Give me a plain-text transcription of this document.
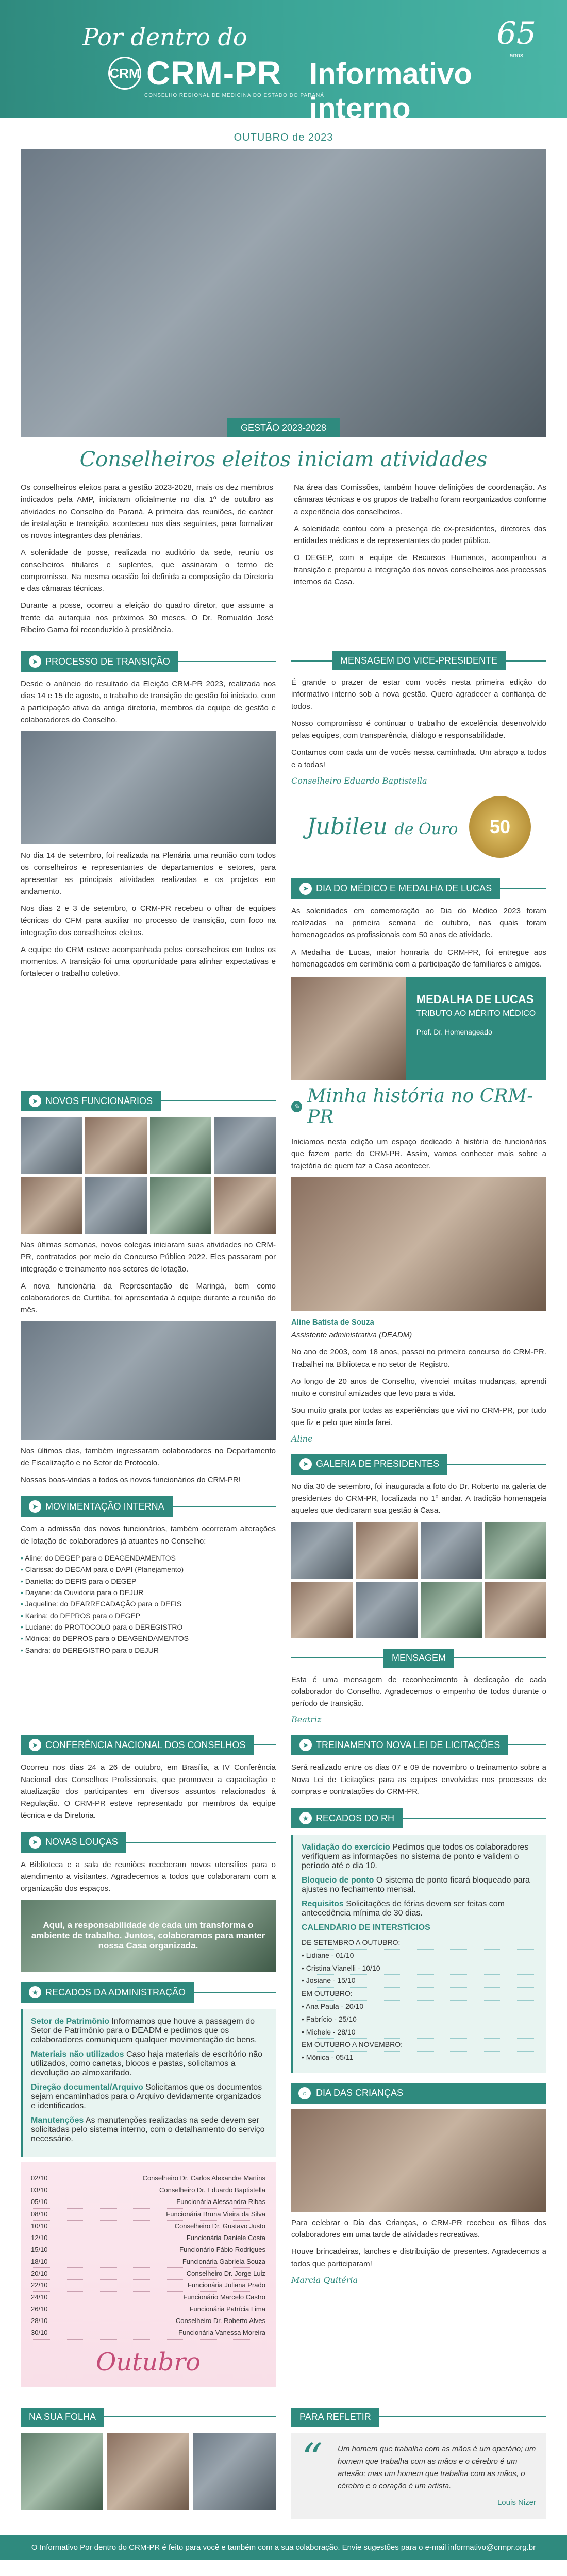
Por dentro do
CRM CRM-PR
CONSELHO REGIONAL DE MEDICINA DO ESTADO DO PARANÁ
Informativo interno
65
anos
OUTUBRO de 2023
GESTÃO 2023-2028
Conselheiros eleitos iniciam atividades

Os conselheiros eleitos para a gestão 2023-2028, mais os dez membros indicados pela AMP, iniciaram oficialmente no dia 1º de outubro as atividades no Conselho do Paraná. A primeira das reuniões, de caráter de instalação e transição, aconteceu nos dias seguintes, para formalizar os novos integrantes das plenárias.

A solenidade de posse, realizada no auditório da sede, reuniu os conselheiros titulares e suplentes, que assinaram o termo de compromisso. Na mesma ocasião foi definida a composição da Diretoria e das câmaras técnicas.

Durante a posse, ocorreu a eleição do quadro diretor, que assume a frente da autarquia nos próximos 30 meses. O Dr. Romualdo José Ribeiro Gama foi reconduzido à presidência.

Na área das Comissões, também houve definições de coordenação. As câmaras técnicas e os grupos de trabalho foram reorganizados conforme a experiência dos conselheiros.

A solenidade contou com a presença de ex-presidentes, diretores das entidades médicas e de representantes do poder público.

O DEGEP, com a equipe de Recursos Humanos, acompanhou a transição e preparou a integração dos novos conselheiros aos processos internos da Casa.

➤ PROCESSO DE TRANSIÇÃO

Desde o anúncio do resultado da Eleição CRM-PR 2023, realizada nos dias 14 e 15 de agosto, o trabalho de transição de gestão foi iniciado, com a participação ativa da antiga diretoria, membros da equipe de gestão e colaboradores do Conselho.

No dia 14 de setembro, foi realizada na Plenária uma reunião com todos os conselheiros e representantes de departamentos e setores, para apresentar as principais atividades realizadas e os projetos em andamento.

Nos dias 2 e 3 de setembro, o CRM-PR recebeu o olhar de equipes técnicas do CFM para auxiliar no processo de transição, com foco na integração dos conselheiros eleitos.

A equipe do CRM esteve acompanhada pelos conselheiros em todos os momentos. A transição foi uma oportunidade para alinhar expectativas e fortalecer o trabalho coletivo.

MENSAGEM DO VICE-PRESIDENTE

É grande o prazer de estar com vocês nesta primeira edição do informativo interno sob a nova gestão. Quero agradecer a confiança de todos.

Nosso compromisso é continuar o trabalho de excelência desenvolvido pelas equipes, com transparência, diálogo e responsabilidade.

Contamos com cada um de vocês nessa caminhada. Um abraço a todos e a todas!

Conselheiro Eduardo Baptistella

Jubileu de Ouro	50
➤ DIA DO MÉDICO E MEDALHA DE LUCAS

As solenidades em comemoração ao Dia do Médico 2023 foram realizadas na primeira semana de outubro, nas quais foram homenageados os profissionais com 50 anos de atividade.

A Medalha de Lucas, maior honraria do CRM-PR, foi entregue aos homenageados em cerimônia com a participação de familiares e amigos.

MEDALHA DE LUCAS
TRIBUTO AO MÉRITO MÉDICO
Prof. Dr. Homenageado
➤ NOVOS FUNCIONÁRIOS

Nas últimas semanas, novos colegas iniciaram suas atividades no CRM-PR, contratados por meio do Concurso Público 2022. Eles passaram por integração e treinamento nos setores de lotação.

A nova funcionária da Representação de Maringá, bem como colaboradores de Curitiba, foi apresentada à equipe durante a reunião do mês.

Nos últimos dias, também ingressaram colaboradores no Departamento de Fiscalização e no Setor de Protocolo.

Nossas boas-vindas a todos os novos funcionários do CRM-PR!

➤ MOVIMENTAÇÃO INTERNA

Com a admissão dos novos funcionários, também ocorreram alterações de lotação de colaboradores já atuantes no Conselho:

• Aline: do DEGEP para o DEAGENDAMENTOS
• Clarissa: do DECAM para o DAPI (Planejamento)
• Daniella: do DEFIS para o DEGEP
• Dayane: da Ouvidoria para o DEJUR
• Jaqueline: do DEARRECADAÇÃO para o DEFIS
• Karina: do DEPROS para o DEGEP
• Luciane: do PROTOCOLO para o DEREGISTRO
• Mônica: do DEPROS para o DEAGENDAMENTOS
• Sandra: do DEREGISTRO para o DEJUR
✎ Minha história no CRM-PR

Iniciamos nesta edição um espaço dedicado à história de funcionários que fazem parte do CRM-PR. Assim, vamos conhecer mais sobre a trajetória de quem faz a Casa acontecer.

Aline Batista de Souza

Assistente administrativa (DEADM)

No ano de 2003, com 18 anos, passei no primeiro concurso do CRM-PR. Trabalhei na Biblioteca e no setor de Registro.

Ao longo de 20 anos de Conselho, vivenciei muitas mudanças, aprendi muito e construí amizades que levo para a vida.

Sou muito grata por todas as experiências que vivi no CRM-PR, por tudo que fiz e pelo que ainda farei.

Aline

➤ GALERIA DE PRESIDENTES

No dia 30 de setembro, foi inaugurada a foto do Dr. Roberto na galeria de presidentes do CRM-PR, localizada no 1º andar. A tradição homenageia aqueles que dedicaram sua gestão à Casa.

MENSAGEM

Esta é uma mensagem de reconhecimento à dedicação de cada colaborador do Conselho. Agradecemos o empenho de todos durante o período de transição.

Beatriz

➤ CONFERÊNCIA NACIONAL DOS CONSELHOS

Ocorreu nos dias 24 a 26 de outubro, em Brasília, a IV Conferência Nacional dos Conselhos Profissionais, que promoveu a capacitação e atualização dos participantes em diversos assuntos relacionados à Regulação. O CRM-PR esteve representado por membros da equipe técnica e da Diretoria.

➤ NOVAS LOUÇAS

A Biblioteca e a sala de reuniões receberam novos utensílios para o atendimento a visitantes. Agradecemos a todos que colaboraram com a organização dos espaços.

Aqui, a responsabilidade de cada um transforma o ambiente de trabalho. Juntos, colaboramos para manter nossa Casa organizada.

★ RECADOS DA ADMINISTRAÇÃO
Setor de Patrimônio Informamos que houve a passagem do Setor de Patrimônio para o DEADM e pedimos que os colaboradores comuniquem qualquer movimentação de bens.
Materiais não utilizados Caso haja materiais de escritório não utilizados, como canetas, blocos e pastas, solicitamos a devolução ao almoxarifado.
Direção documental/Arquivo Solicitamos que os documentos sejam encaminhados para o Arquivo devidamente organizados e identificados.
Manutenções As manutenções realizadas na sede devem ser solicitadas pelo sistema interno, com o detalhamento do serviço necessário.
02/10	Conselheiro Dr. Carlos Alexandre Martins
03/10	Conselheiro Dr. Eduardo Baptistella
05/10	Funcionária Alessandra Ribas
08/10	Funcionária Bruna Vieira da Silva
10/10	Conselheiro Dr. Gustavo Justo
12/10	Funcionária Daniele Costa
15/10	Funcionário Fábio Rodrigues
18/10	Funcionária Gabriela Souza
20/10	Conselheiro Dr. Jorge Luiz
22/10	Funcionária Juliana Prado
24/10	Funcionário Marcelo Castro
26/10	Funcionária Patrícia Lima
28/10	Conselheiro Dr. Roberto Alves
30/10	Funcionária Vanessa Moreira
Outubro
➤ TREINAMENTO NOVA LEI DE LICITAÇÕES

Será realizado entre os dias 07 e 09 de novembro o treinamento sobre a Nova Lei de Licitações para as equipes envolvidas nos processos de compras e contratações do CRM-PR.

★ RECADOS DO RH
Validação do exercício Pedimos que todos os colaboradores verifiquem as informações no sistema de ponto e validem o período até o dia 10.
Bloqueio de ponto O sistema de ponto ficará bloqueado para ajustes no fechamento mensal.
Requisitos Solicitações de férias devem ser feitas com antecedência mínima de 30 dias.

CALENDÁRIO DE INTERSTÍCIOS

DE SETEMBRO A OUTUBRO:
• Lidiane - 01/10
• Cristina Vianelli - 10/10
• Josiane - 15/10
EM OUTUBRO:
• Ana Paula - 20/10
• Fabrício - 25/10
• Michele - 28/10
EM OUTUBRO A NOVEMBRO:
• Mônica - 05/11
○ DIA DAS CRIANÇAS

Para celebrar o Dia das Crianças, o CRM-PR recebeu os filhos dos colaboradores em uma tarde de atividades recreativas.

Houve brincadeiras, lanches e distribuição de presentes. Agradecemos a todos que participaram!

Marcia Quitéria

NA SUA FOLHA	PARA REFLETIR
“ Um homem que trabalha com as mãos é um operário; um homem que trabalha com as mãos e o cérebro é um artesão; mas um homem que trabalha com as mãos, o cérebro e o coração é um artista.
Louis Nizer
O Informativo Por dentro do CRM-PR é feito para você e também com a sua colaboração. Envie sugestões para o e-mail informativo@crmpr.org.br
